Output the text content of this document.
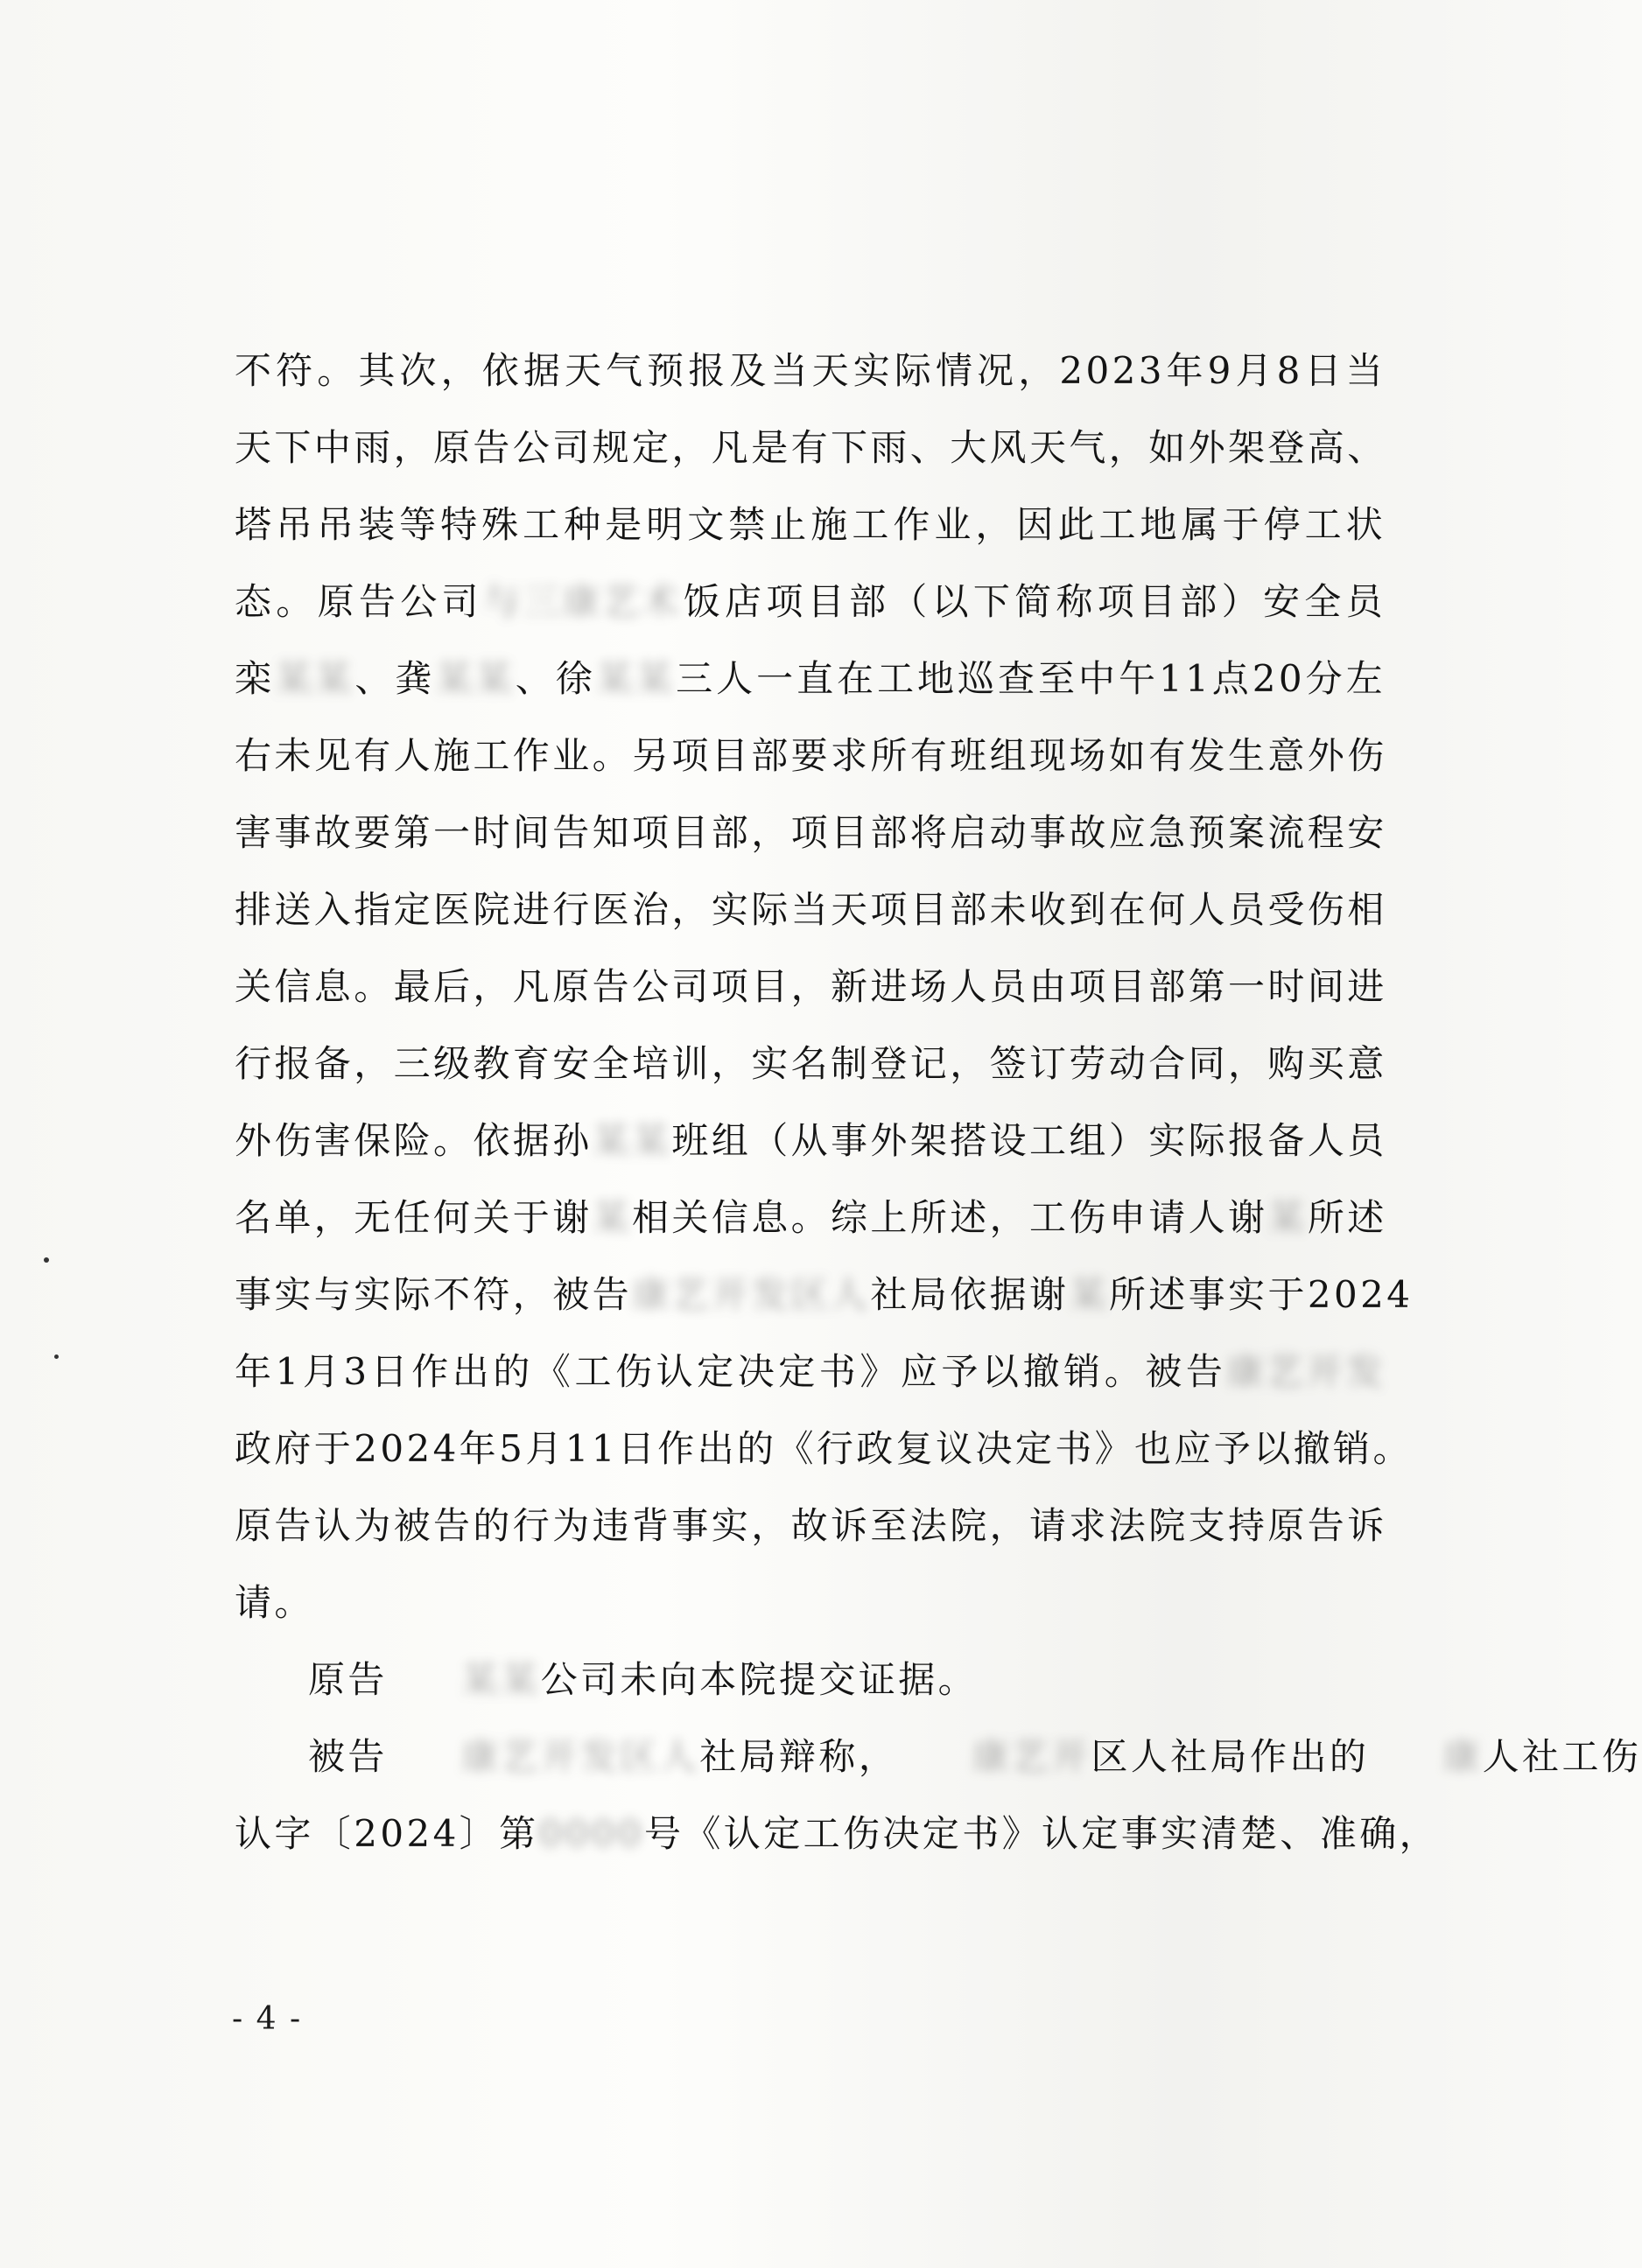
不符。其次，依据天气预报及当天实际情况，2023年9月8日当
天下中雨，原告公司规定，凡是有下雨、大风天气，如外架登高、
塔吊吊装等特殊工种是明文禁止施工作业，因此工地属于停工状
态。原告公司与三康艺术饭店项目部（以下简称项目部）安全员
栾某某、龚某某、徐某某三人一直在工地巡查至中午11点20分左
右未见有人施工作业。另项目部要求所有班组现场如有发生意外伤
害事故要第一时间告知项目部，项目部将启动事故应急预案流程安
排送入指定医院进行医治，实际当天项目部未收到在何人员受伤相
关信息。最后，凡原告公司项目，新进场人员由项目部第一时间进
行报备，三级教育安全培训，实名制登记，签订劳动合同，购买意
外伤害保险。依据孙某某班组（从事外架搭设工组）实际报备人员
名单，无任何关于谢某相关信息。综上所述，工伤申请人谢某所述
事实与实际不符，被告康艺开发区人社局依据谢某所述事实于2024
年1月3日作出的《工伤认定决定书》应予以撤销。被告康艺开发
政府于2024年5月11日作出的《行政复议决定书》也应予以撤销。
原告认为被告的行为违背事实，故诉至法院，请求法院支持原告诉
请。
原告 某某公司未向本院提交证据。
被告 康艺开发区人社局辩称， 康艺开区人社局作出的 康人社工伤
认字〔2024〕第0000号《认定工伤决定书》认定事实清楚、准确，
- 4 -
